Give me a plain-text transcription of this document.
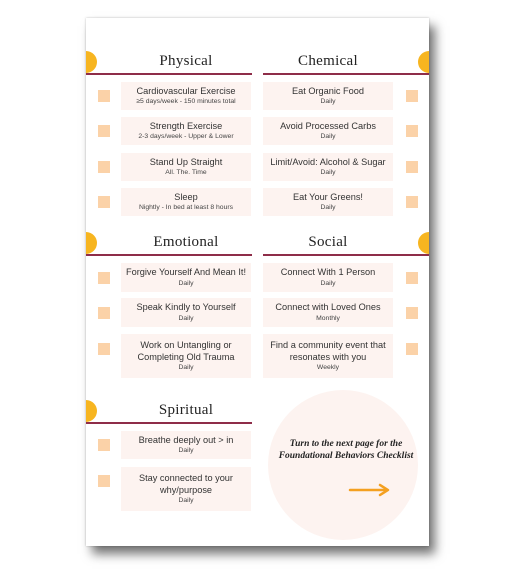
Physical
Cardiovascular Exercise
≥5 days/week - 150 minutes total
Strength Exercise
2-3 days/week - Upper & Lower
Stand Up Straight
All. The. Time
Sleep
Nightly - In bed at least 8 hours
Chemical
Eat Organic Food
Daily
Avoid Processed Carbs
Daily
Limit/Avoid: Alcohol & Sugar
Daily
Eat Your Greens!
Daily
Emotional
Forgive Yourself And Mean It!
Daily
Speak Kindly to Yourself
Daily
Work on Untangling or Completing Old Trauma
Daily
Social
Connect With 1 Person
Daily
Connect with Loved Ones
Monthly
Find a community event that resonates with you
Weekly
Spiritual
Breathe deeply out > in
Daily
Stay connected to your why/purpose
Daily
Turn to the next page for the Foundational Behaviors Checklist
